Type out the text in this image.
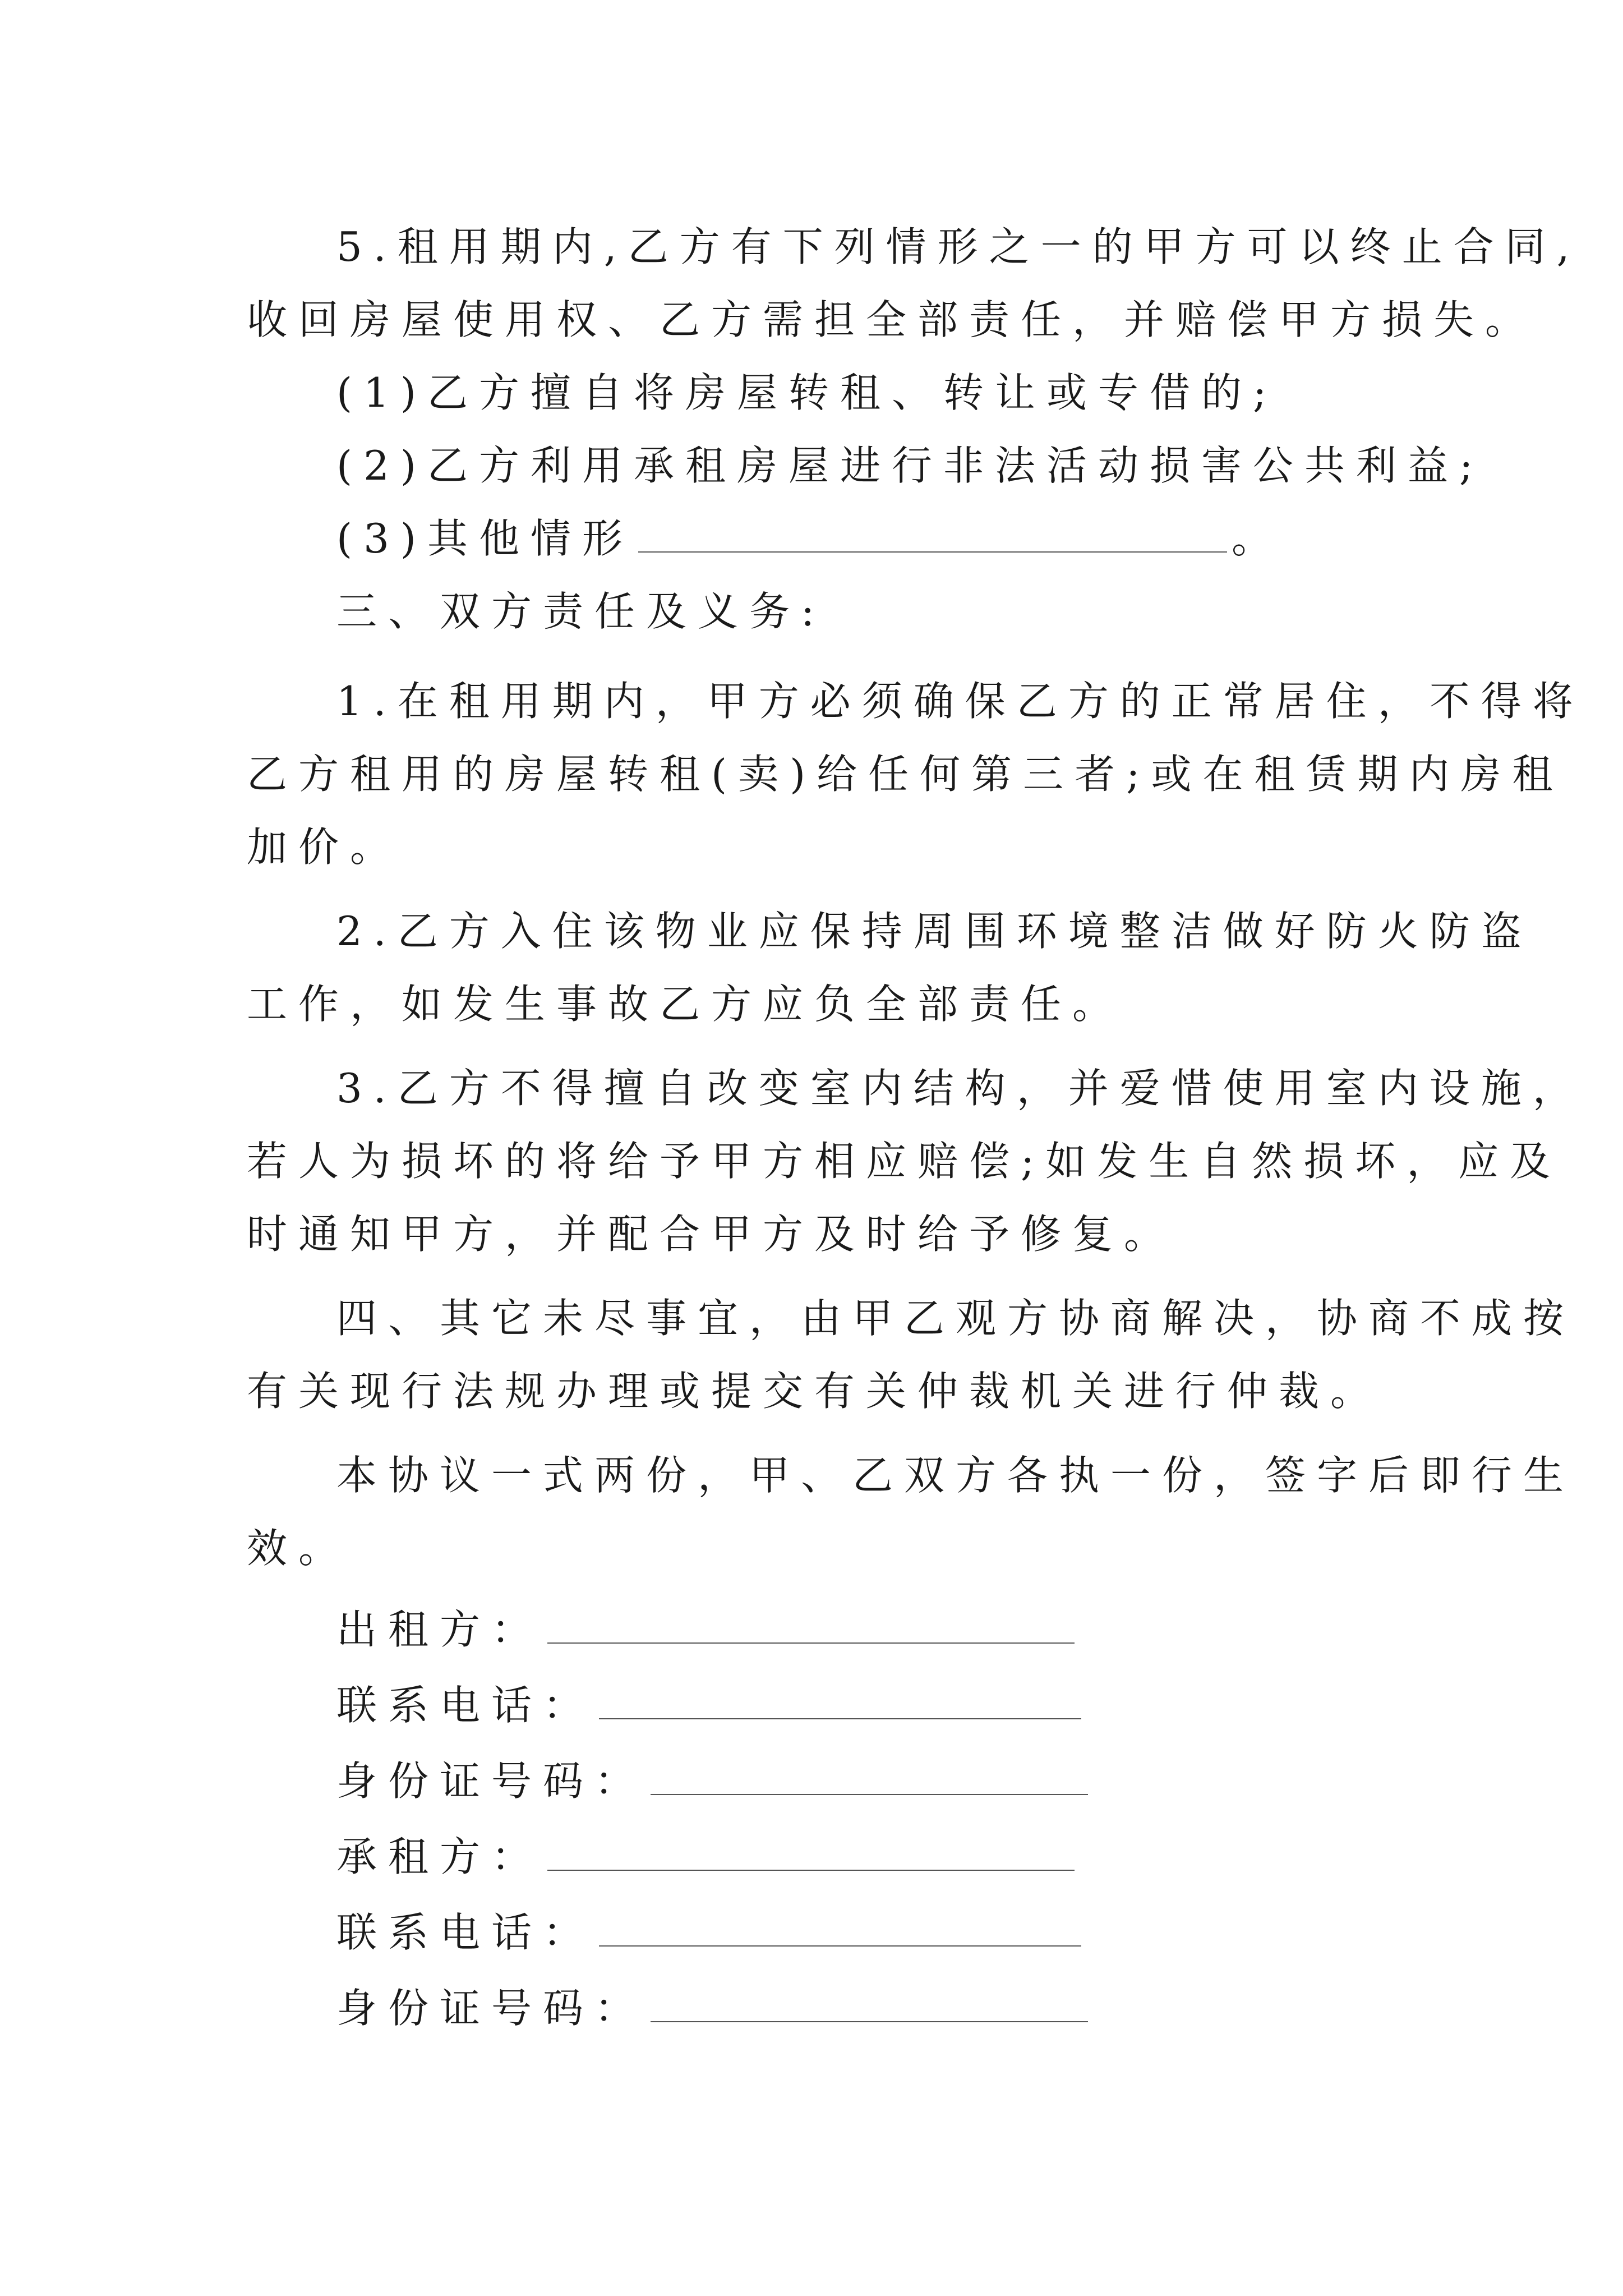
5.租用期内,乙方有下列情形之一的甲方可以终止合同,
收回房屋使用权、乙方需担全部责任，并赔偿甲方损失。
(1)乙方擅自将房屋转租、转让或专借的;
(2)乙方利用承租房屋进行非法活动损害公共利益;
(3)其他情形	。
三、双方责任及义务:
1.在租用期内，甲方必须确保乙方的正常居住，不得将
乙方租用的房屋转租(卖)给任何第三者;或在租赁期内房租
加价。
2.乙方入住该物业应保持周围环境整洁做好防火防盗
工作，如发生事故乙方应负全部责任。
3.乙方不得擅自改变室内结构，并爱惜使用室内设施，
若人为损坏的将给予甲方相应赔偿;如发生自然损坏，应及
时通知甲方，并配合甲方及时给予修复。
四、其它未尽事宜，由甲乙观方协商解决，协商不成按
有关现行法规办理或提交有关仲裁机关进行仲裁。
本协议一式两份，甲、乙双方各执一份，签字后即行生
效。
出租方：
联系电话：
身份证号码：
承租方：
联系电话：
身份证号码：
